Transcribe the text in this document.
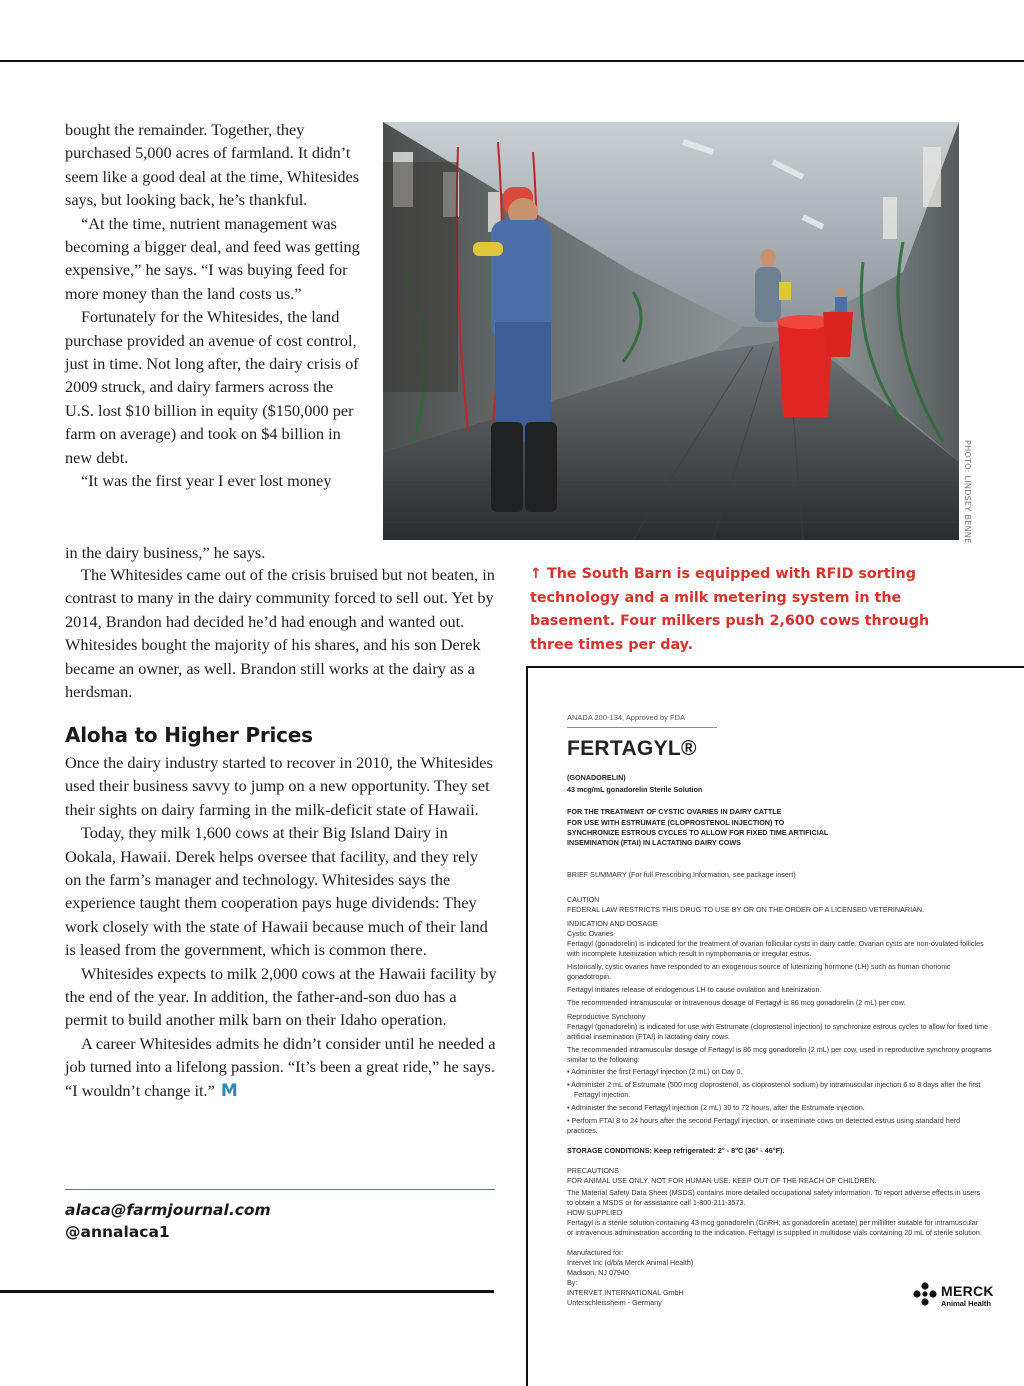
bought the remainder. Together, they purchased 5,000 acres of farmland. It didn’t seem like a good deal at the time, Whitesides says, but looking back, he’s thankful.

“At the time, nutrient management was becoming a bigger deal, and feed was getting expensive,” he says. “I was buying feed for more money than the land costs us.”

Fortunately for the Whitesides, the land purchase provided an avenue of cost control, just in time. Not long after, the dairy crisis of 2009 struck, and dairy farmers across the U.S. lost $10 billion in equity ($150,000 per farm on average) and took on $4 billion in new debt.

“It was the first year I ever lost money

in the dairy business,” he says.

PHOTO: LINDSEY BENNE

↑ The South Barn is equipped with RFID sorting technology and a milk metering system in the basement. Four milkers push 2,600 cows through three times per day.

The Whitesides came out of the crisis bruised but not beaten, in contrast to many in the dairy community forced to sell out. Yet by 2014, Brandon had decided he’d had enough and wanted out. Whitesides bought the majority of his shares, and his son Derek became an owner, as well. Brandon still works at the dairy as a herdsman.

Aloha to Higher Prices

Once the dairy industry started to recover in 2010, the Whitesides used their business savvy to jump on a new opportunity. They set their sights on dairy farming in the milk-deficit state of Hawaii.

Today, they milk 1,600 cows at their Big Island Dairy in Ookala, Hawaii. Derek helps oversee that facility, and they rely on the farm’s manager and technology. Whitesides says the experience taught them cooperation pays huge dividends: They work closely with the state of Hawaii because much of their land is leased from the government, which is common there.

Whitesides expects to milk 2,000 cows at the Hawaii facility by the end of the year. In addition, the father-and-son duo has a permit to build another milk barn on their Idaho operation.

A career Whitesides admits he didn’t consider until he needed a job turned into a lifelong passion. “It’s been a great ride,” he says. “I wouldn’t change it.” M

alaca@farmjournal.com
@annalaca1
ANADA 200-134, Approved by FDA
FERTAGYL®

(GONADORELIN)

43 mcg/mL gonadorelin Sterile Solution

FOR THE TREATMENT OF CYSTIC OVARIES IN DAIRY CATTLE

FOR USE WITH ESTRUMATE (CLOPROSTENOL INJECTION) TO

SYNCHRONIZE ESTROUS CYCLES TO ALLOW FOR FIXED TIME ARTIFICIAL

INSEMINATION (FTAI) IN LACTATING DAIRY COWS

BRIEF SUMMARY (For full Prescribing Information, see package insert)

CAUTION

FEDERAL LAW RESTRICTS THIS DRUG TO USE BY OR ON THE ORDER OF A LICENSED VETERINARIAN.

INDICATION AND DOSAGE

Cystic Ovaries

Fertagyl (gonadorelin) is indicated for the treatment of ovarian follicular cysts in dairy cattle. Ovarian cysts are non-ovulated follicles

with incomplete luteinization which result in nymphomania or irregular estrus.

Historically, cystic ovaries have responded to an exogenous source of luteinizing hormone (LH) such as human chorionic gonadotropin.

Fertagyl initiates release of endogenous LH to cause ovulation and luteinization.

The recommended intramuscular or intravenous dosage of Fertagyl is 86 mcg gonadorelin (2 mL) per cow.

Reproductive Synchrony

Fertagyl (gonadorelin) is indicated for use with Estrumate (cloprostenol injection) to synchronize estrous cycles to allow for fixed time

artificial insemination (FTAI) in lactating dairy cows.

The recommended intramuscular dosage of Fertagyl is 86 mcg gonadorelin (2 mL) per cow, used in reproductive synchrony programs

similar to the following:

• Administer the first Fertagyl injection (2 mL) on Day 0.

• Administer 2 mL of Estrumate (500 mcg cloprostenol, as cloprostenol sodium) by intramuscular injection 6 to 8 days after the first

Fertagyl injection.

• Administer the second Fertagyl injection (2 mL) 30 to 72 hours, after the Estrumate injection.

• Perform FTAI 8 to 24 hours after the second Fertagyl injection, or inseminate cows on detected estrus using standard herd practices.

STORAGE CONDITIONS: Keep refrigerated: 2° - 8°C (36° - 46°F).

PRECAUTIONS

FOR ANIMAL USE ONLY. NOT FOR HUMAN USE. KEEP OUT OF THE REACH OF CHILDREN.

The Material Safety Data Sheet (MSDS) contains more detailed occupational safety information. To report adverse effects in users

to obtain a MSDS or for assistance call 1-800-211-3573.

HOW SUPPLIED

Fertagyl is a sterile solution containing 43 mcg gonadorelin (GnRH; as gonadorelin acetate) per milliliter suitable for intramuscular

or intravenous administration according to the indication. Fertagyl is supplied in multidose vials containing 20 mL of sterile solution.

Manufactured for:

Intervet Inc (d/b/a Merck Animal Health)

Madison, NJ 07940

By:

INTERVET INTERNATIONAL GmbH

Unterschleissheim - Germany

MERCK
Animal Health
